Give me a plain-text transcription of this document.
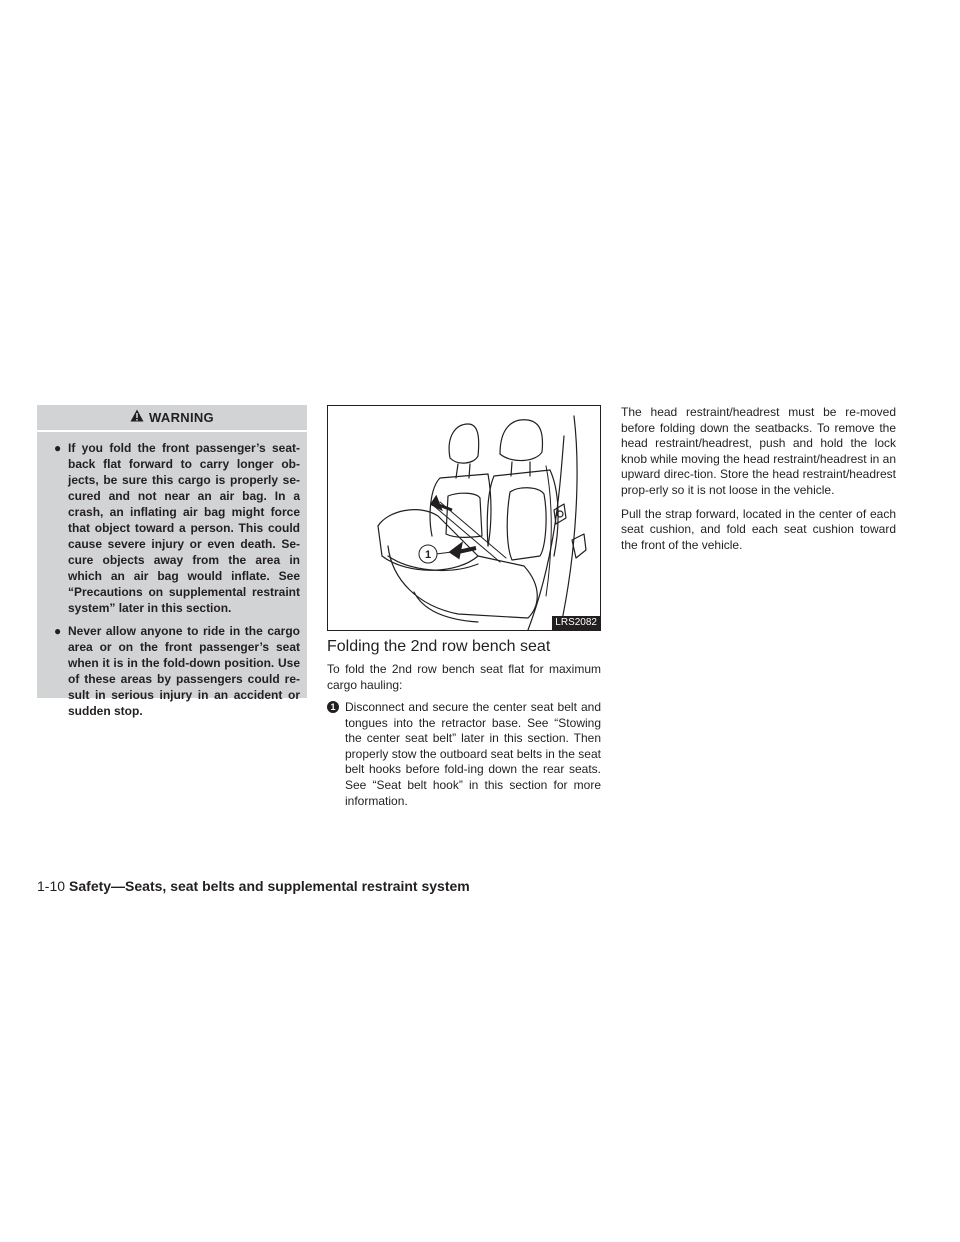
WARNING
● If you fold the front passenger’s seat-back flat forward to carry longer ob-jects, be sure this cargo is properly se-cured and not near an air bag. In a crash, an inflating air bag might force that object toward a person. This could cause severe injury or even death. Se-cure objects away from the area in which an air bag would inflate. See “Precautions on supplemental restraint system” later in this section.
● Never allow anyone to ride in the cargo area or on the front passenger’s seat when it is in the fold-down position. Use of these areas by passengers could re-sult in serious injury in an accident or sudden stop.
1
LRS2082
Folding the 2nd row bench seat

To fold the 2nd row bench seat flat for maximum cargo hauling:

1 Disconnect and secure the center seat belt and tongues into the retractor base. See “Stowing the center seat belt” later in this section. Then properly stow the outboard seat belts in the seat belt hooks before fold-ing down the rear seats. See “Seat belt hook” in this section for more information.

The head restraint/headrest must be re-moved before folding down the seatbacks. To remove the head restraint/headrest, push and hold the lock knob while moving the head restraint/headrest in an upward direc-tion. Store the head restraint/headrest prop-erly so it is not loose in the vehicle.

Pull the strap forward, located in the center of each seat cushion, and fold each seat cushion toward the front of the vehicle.

1-10 Safety—Seats, seat belts and supplemental restraint system
